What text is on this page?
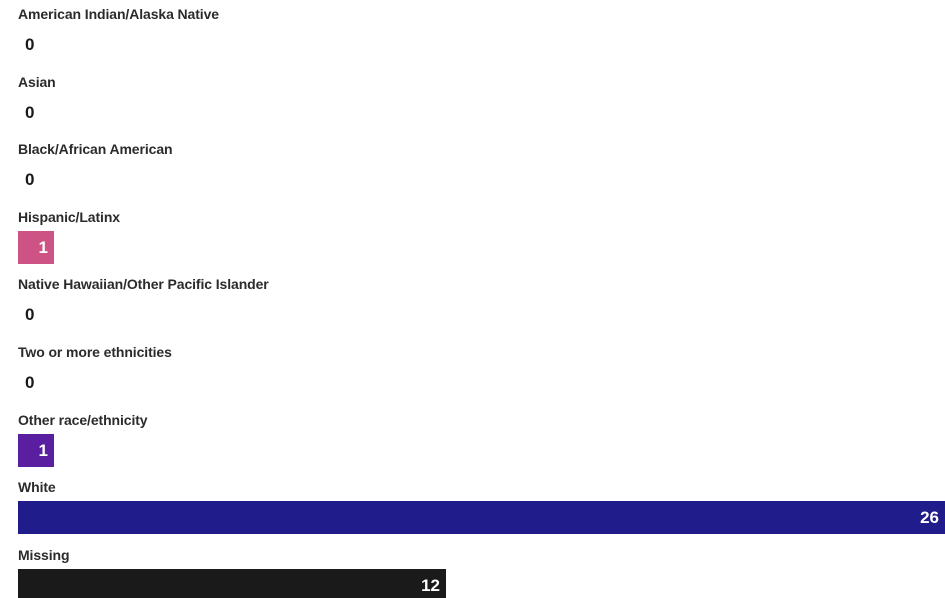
American Indian/Alaska Native
0
Asian
0
Black/African American
0
Hispanic/Latinx
1
Native Hawaiian/Other Pacific Islander
0
Two or more ethnicities
0
Other race/ethnicity
1
White
26
Missing
12
